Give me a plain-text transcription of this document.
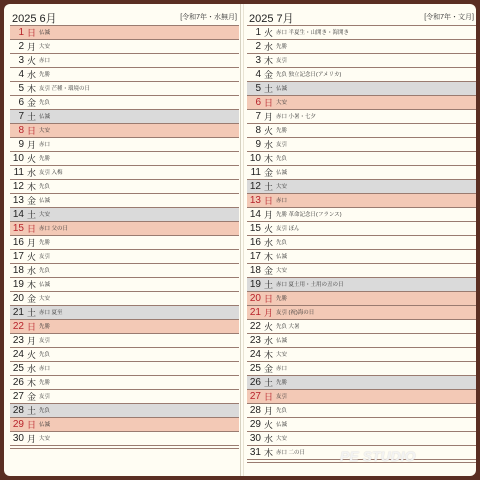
2025 6月	[令和7年・水無月]
1 日 仏滅
2 月 大安
3 火 赤口
4 水 先勝
5 木 友引 芒種・環境の日
6 金 先負
7 土 仏滅
8 日 大安
9 月 赤口
10 火 先勝
11 水 友引 入梅
12 木 先負
13 金 仏滅
14 土 大安
15 日 赤口 父の日
16 月 先勝
17 火 友引
18 水 先負
19 木 仏滅
20 金 大安
21 土 赤口 夏至
22 日 先勝
23 月 友引
24 火 先負
25 水 赤口
26 木 先勝
27 金 友引
28 土 先負
29 日 仏滅
30 月 大安
2025 7月	[令和7年・文月]
1 火 赤口 半夏生・山開き・海開き
2 水 先勝
3 木 友引
4 金 先負 独立記念日(アメリカ)
5 土 仏滅
6 日 大安
7 月 赤口 小暑・七夕
8 火 先勝
9 水 友引
10 木 先負
11 金 仏滅
12 土 大安
13 日 赤口
14 月 先勝 革命記念日(フランス)
15 火 友引 ぼん
16 水 先負
17 木 仏滅
18 金 大安
19 土 赤口 夏土用・土用の丑の日
20 日 先勝
21 月 友引 (祝)海の日
22 火 先負 大暑
23 水 仏滅
24 木 大安
25 金 赤口
26 土 先勝
27 日 友引
28 月 先負
29 火 仏滅
30 水 大安
31 木 赤口 二の日 PE STUDIO
